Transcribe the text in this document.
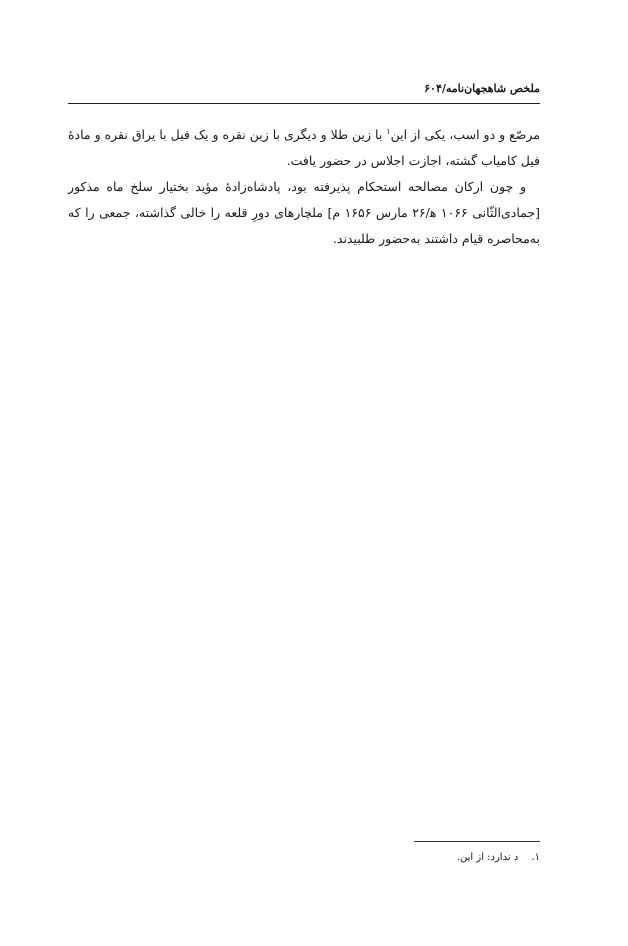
ملخص شاهجهان‌نامه/۶۰۴

مرصّع و دو اسب، یکی از این$^۱$ با زین طلا و دیگری با زین نقره و یک فیل با یراق نقره و مادهٔ فیل کامیاب گشته، اجازت اجلاس در حضور یافت.

و چون ارکان مصالحه استحکام پذیرفته بود، پادشاه‌زادهٔ مؤید بختیار سلخ ماه مذکور [جمادی‌الثّانی ۱۰۶۶ ه‍/۲۶ مارس ۱۶۵۶ م] ملچارهای دورِ قلعه را خالی گذاشته، جمعی را که به‌محاصره قیام داشتند به‌حضور طلبیدند.

۱. د ندارد: از این.
